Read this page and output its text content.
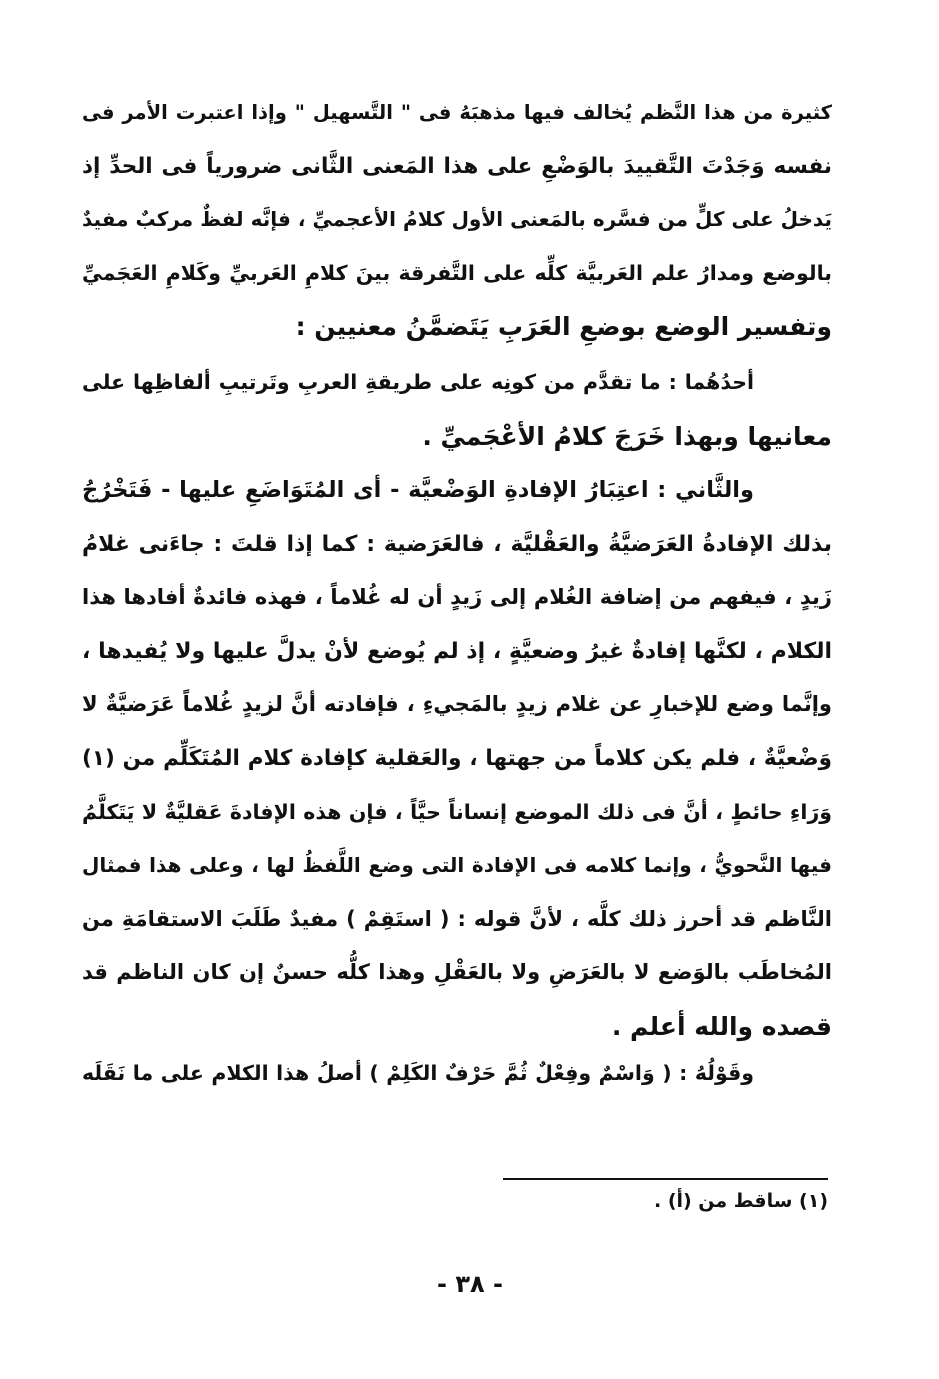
كثيرة من هذا النَّظم يُخالف فيها مذهبَهُ فى " التَّسهيل " وإذا اعتبرت الأمر فى
نفسه وَجَدْتَ التَّقييدَ بالوَضْعِ على هذا المَعنى الثَّانى ضرورياً فى الحدِّ إذ
يَدخلُ على كلٍّ من فسَّره بالمَعنى الأول كلامُ الأعجميِّ ، فإنَّه لفظٌ مركبٌ مفيدٌ
بالوضع ومدارُ علم العَربيَّة كلِّه على التَّفرقة بينَ كلامِ العَربيِّ وكَلامِ العَجَميِّ
وتفسير الوضع بوضعِ العَرَبِ يَتَضمَّنُ معنيين :
أحدُهُما : ما تقدَّم من كونِه على طريقةِ العربِ وتَرتيبِ ألفاظِها على
معانيها وبهذا خَرَجَ كلامُ الأعْجَميِّ .
والثَّاني : اعتِبَارُ الإفادةِ الوَضْعيَّة - أى المُتَوَاضَعِ عليها - فَتَخْرُجُ
بذلك الإفادةُ العَرَضيَّةُ والعَقْليَّة ، فالعَرَضية : كما إذا قلتَ : جاءَنى غلامُ
زَيدٍ ، فيفهم من إضافة الغُلام إلى زَيدٍ أن له غُلاماً ، فهذه فائدةٌ أفادها هذا
الكلام ، لكنَّها إفادةٌ غيرُ وضعيَّةٍ ، إذ لم يُوضع لأنْ يدلَّ عليها ولا يُفيدها ،
وإنَّما وضع للإخبارِ عن غلام زيدٍ بالمَجيءِ ، فإفادته أنَّ لزيدٍ غُلاماً عَرَضيَّةٌ لا
وَضْعيَّةٌ ، فلم يكن كلاماً من جهتها ، والعَقلية كإفادة كلام المُتَكَلِّم من (١)
وَرَاءِ حائطٍ ، أنَّ فى ذلك الموضع إنساناً حيَّاً ، فإن هذه الإفادةَ عَقليَّةٌ لا يَتَكلَّمُ
فيها النَّحويُّ ، وإنما كلامه فى الإفادة التى وضع اللَّفظُ لها ، وعلى هذا فمثال
النَّاظم قد أحرز ذلك كلَّه ، لأنَّ قوله : ( استَقِمْ ) مفيدٌ طَلَبَ الاستقامَةِ من
المُخاطَب بالوَضع لا بالعَرَضِ ولا بالعَقْلِ وهذا كلُّه حسنٌ إن كان الناظم قد
قصده والله أعلم .
وقَوْلُهُ : ( وَاسْمٌ وفِعْلٌ ثُمَّ حَرْفٌ الكَلِمْ ) أصلُ هذا الكلام على ما نَقَلَه
(١) ساقط من (أ) .
- ٣٨ -
